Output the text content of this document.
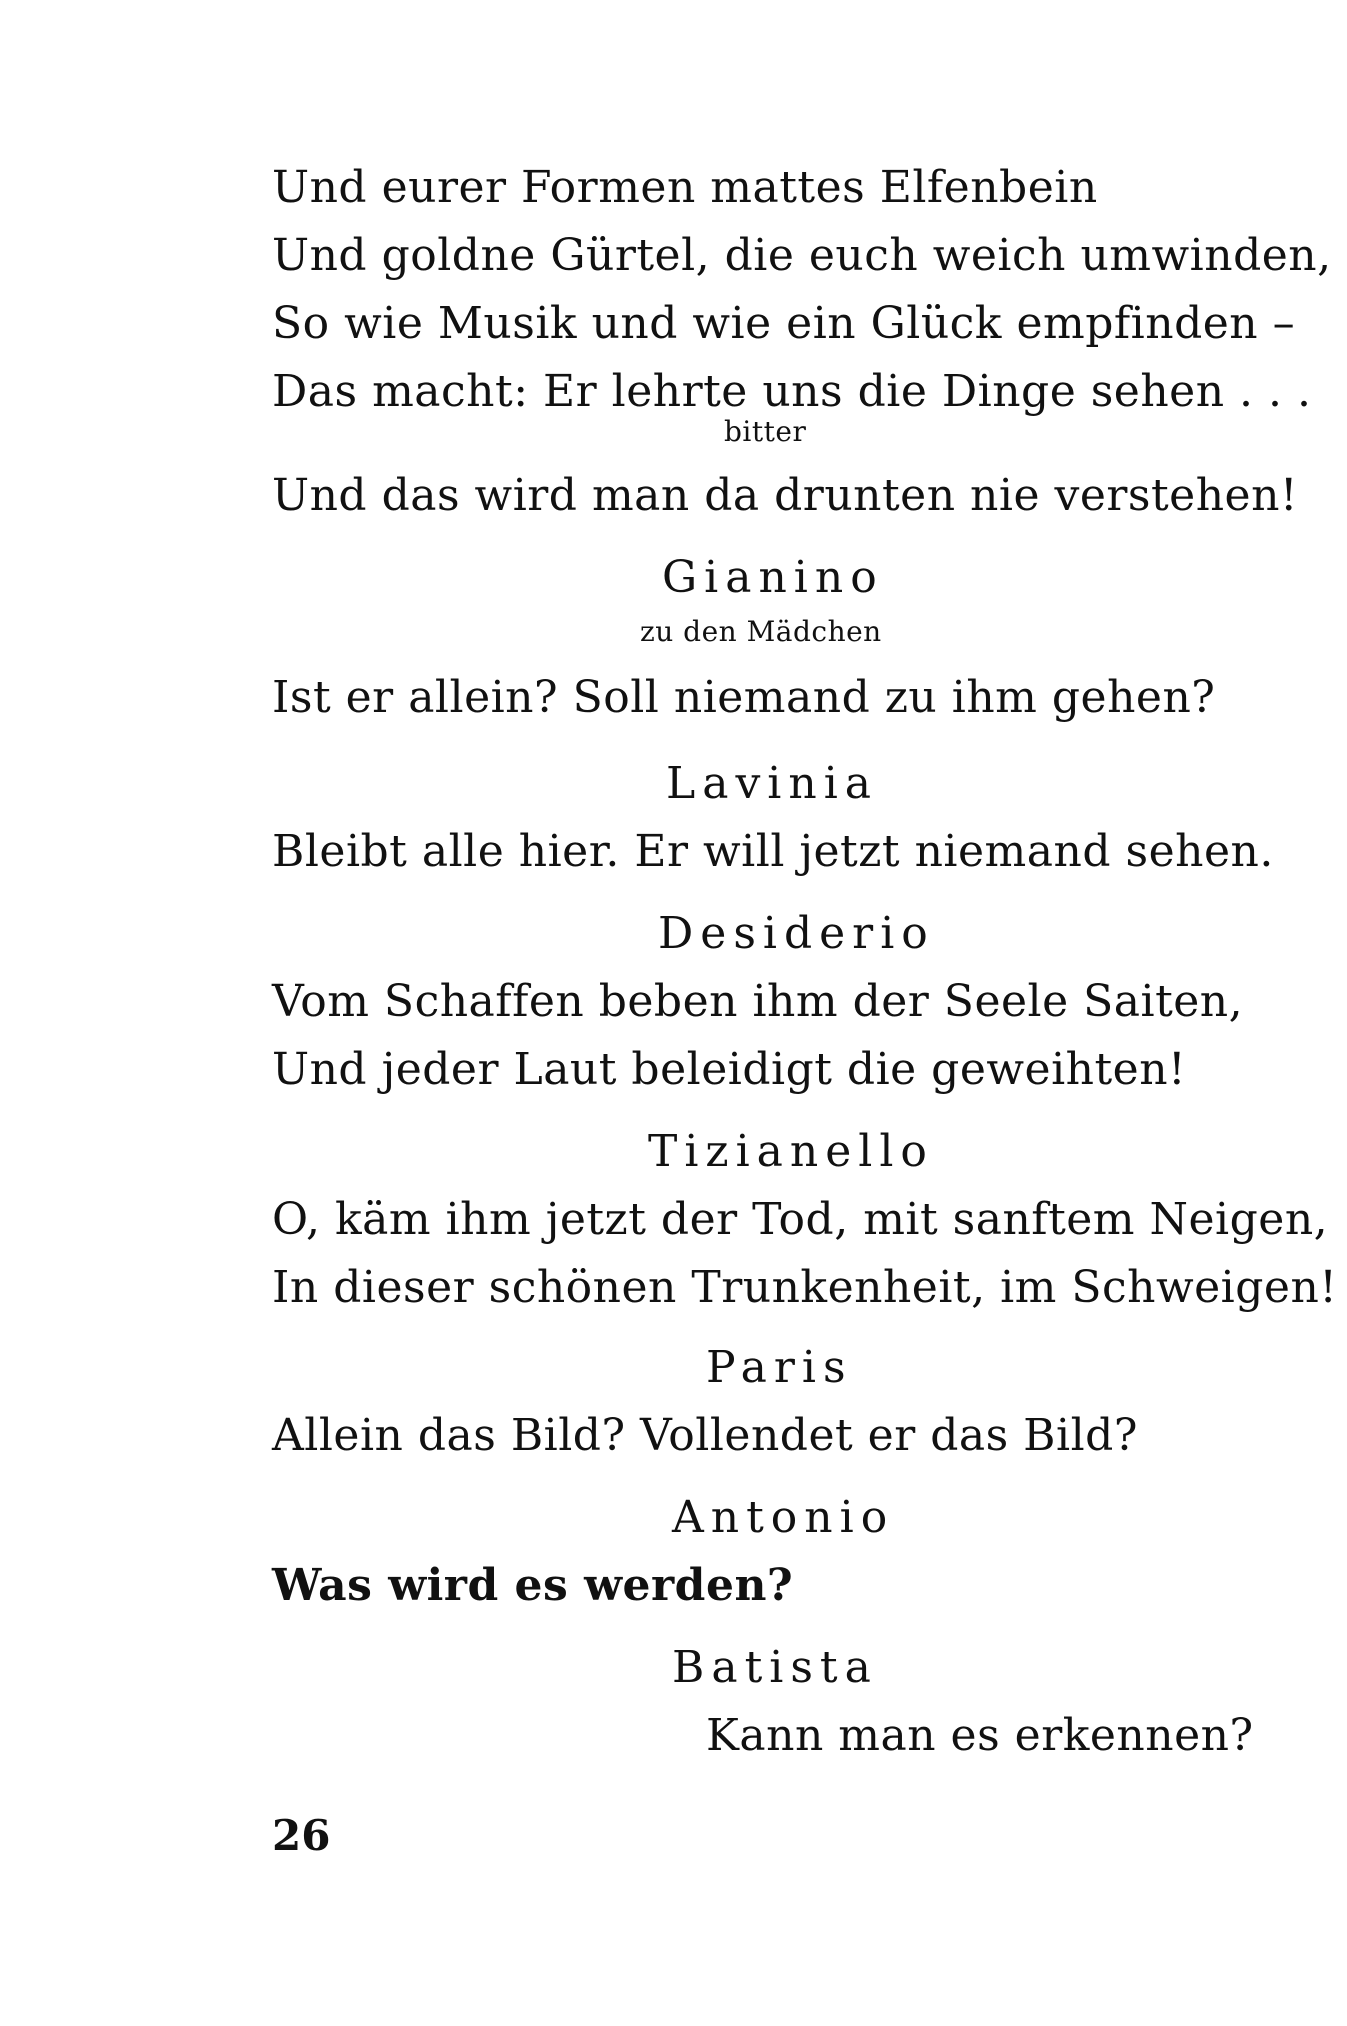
Und eurer Formen mattes Elfenbein
Und goldne Gürtel, die euch weich umwinden,
So wie Musik und wie ein Glück empfinden –
Das macht: Er lehrte uns die Dinge sehen . . .
bitter
Und das wird man da drunten nie verstehen!
Gianino
zu den Mädchen
Ist er allein? Soll niemand zu ihm gehen?
Lavinia
Bleibt alle hier. Er will jetzt niemand sehen.
Desiderio
Vom Schaffen beben ihm der Seele Saiten,
Und jeder Laut beleidigt die geweihten!
Tizianello
O, käm ihm jetzt der Tod, mit sanftem Neigen,
In dieser schönen Trunkenheit, im Schweigen!
Paris
Allein das Bild? Vollendet er das Bild?
Antonio
Was wird es werden?
Batista
Kann man es erkennen?
26
